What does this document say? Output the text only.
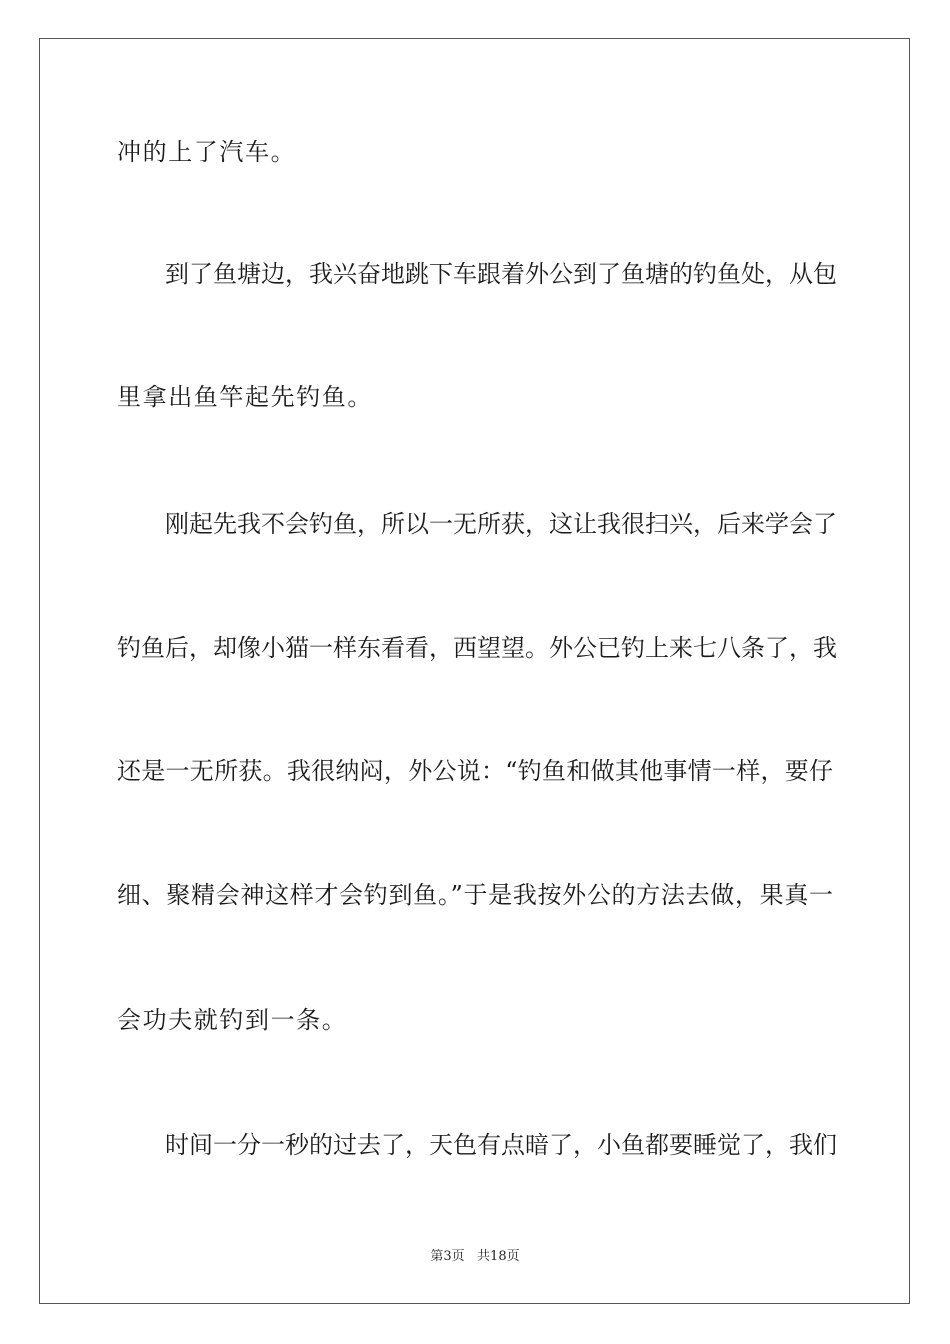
冲的上了汽车。
到了鱼塘边，我兴奋地跳下车跟着外公到了鱼塘的钓鱼处，从包
里拿出鱼竿起先钓鱼。
刚起先我不会钓鱼，所以一无所获，这让我很扫兴，后来学会了
钓鱼后，却像小猫一样东看看，西望望。外公已钓上来七八条了，我
还是一无所获。我很纳闷，外公说：“钓鱼和做其他事情一样，要仔
细、聚精会神这样才会钓到鱼。”于是我按外公的方法去做，果真一
会功夫就钓到一条。
时间一分一秒的过去了，天色有点暗了，小鱼都要睡觉了，我们
第3页   共18页
